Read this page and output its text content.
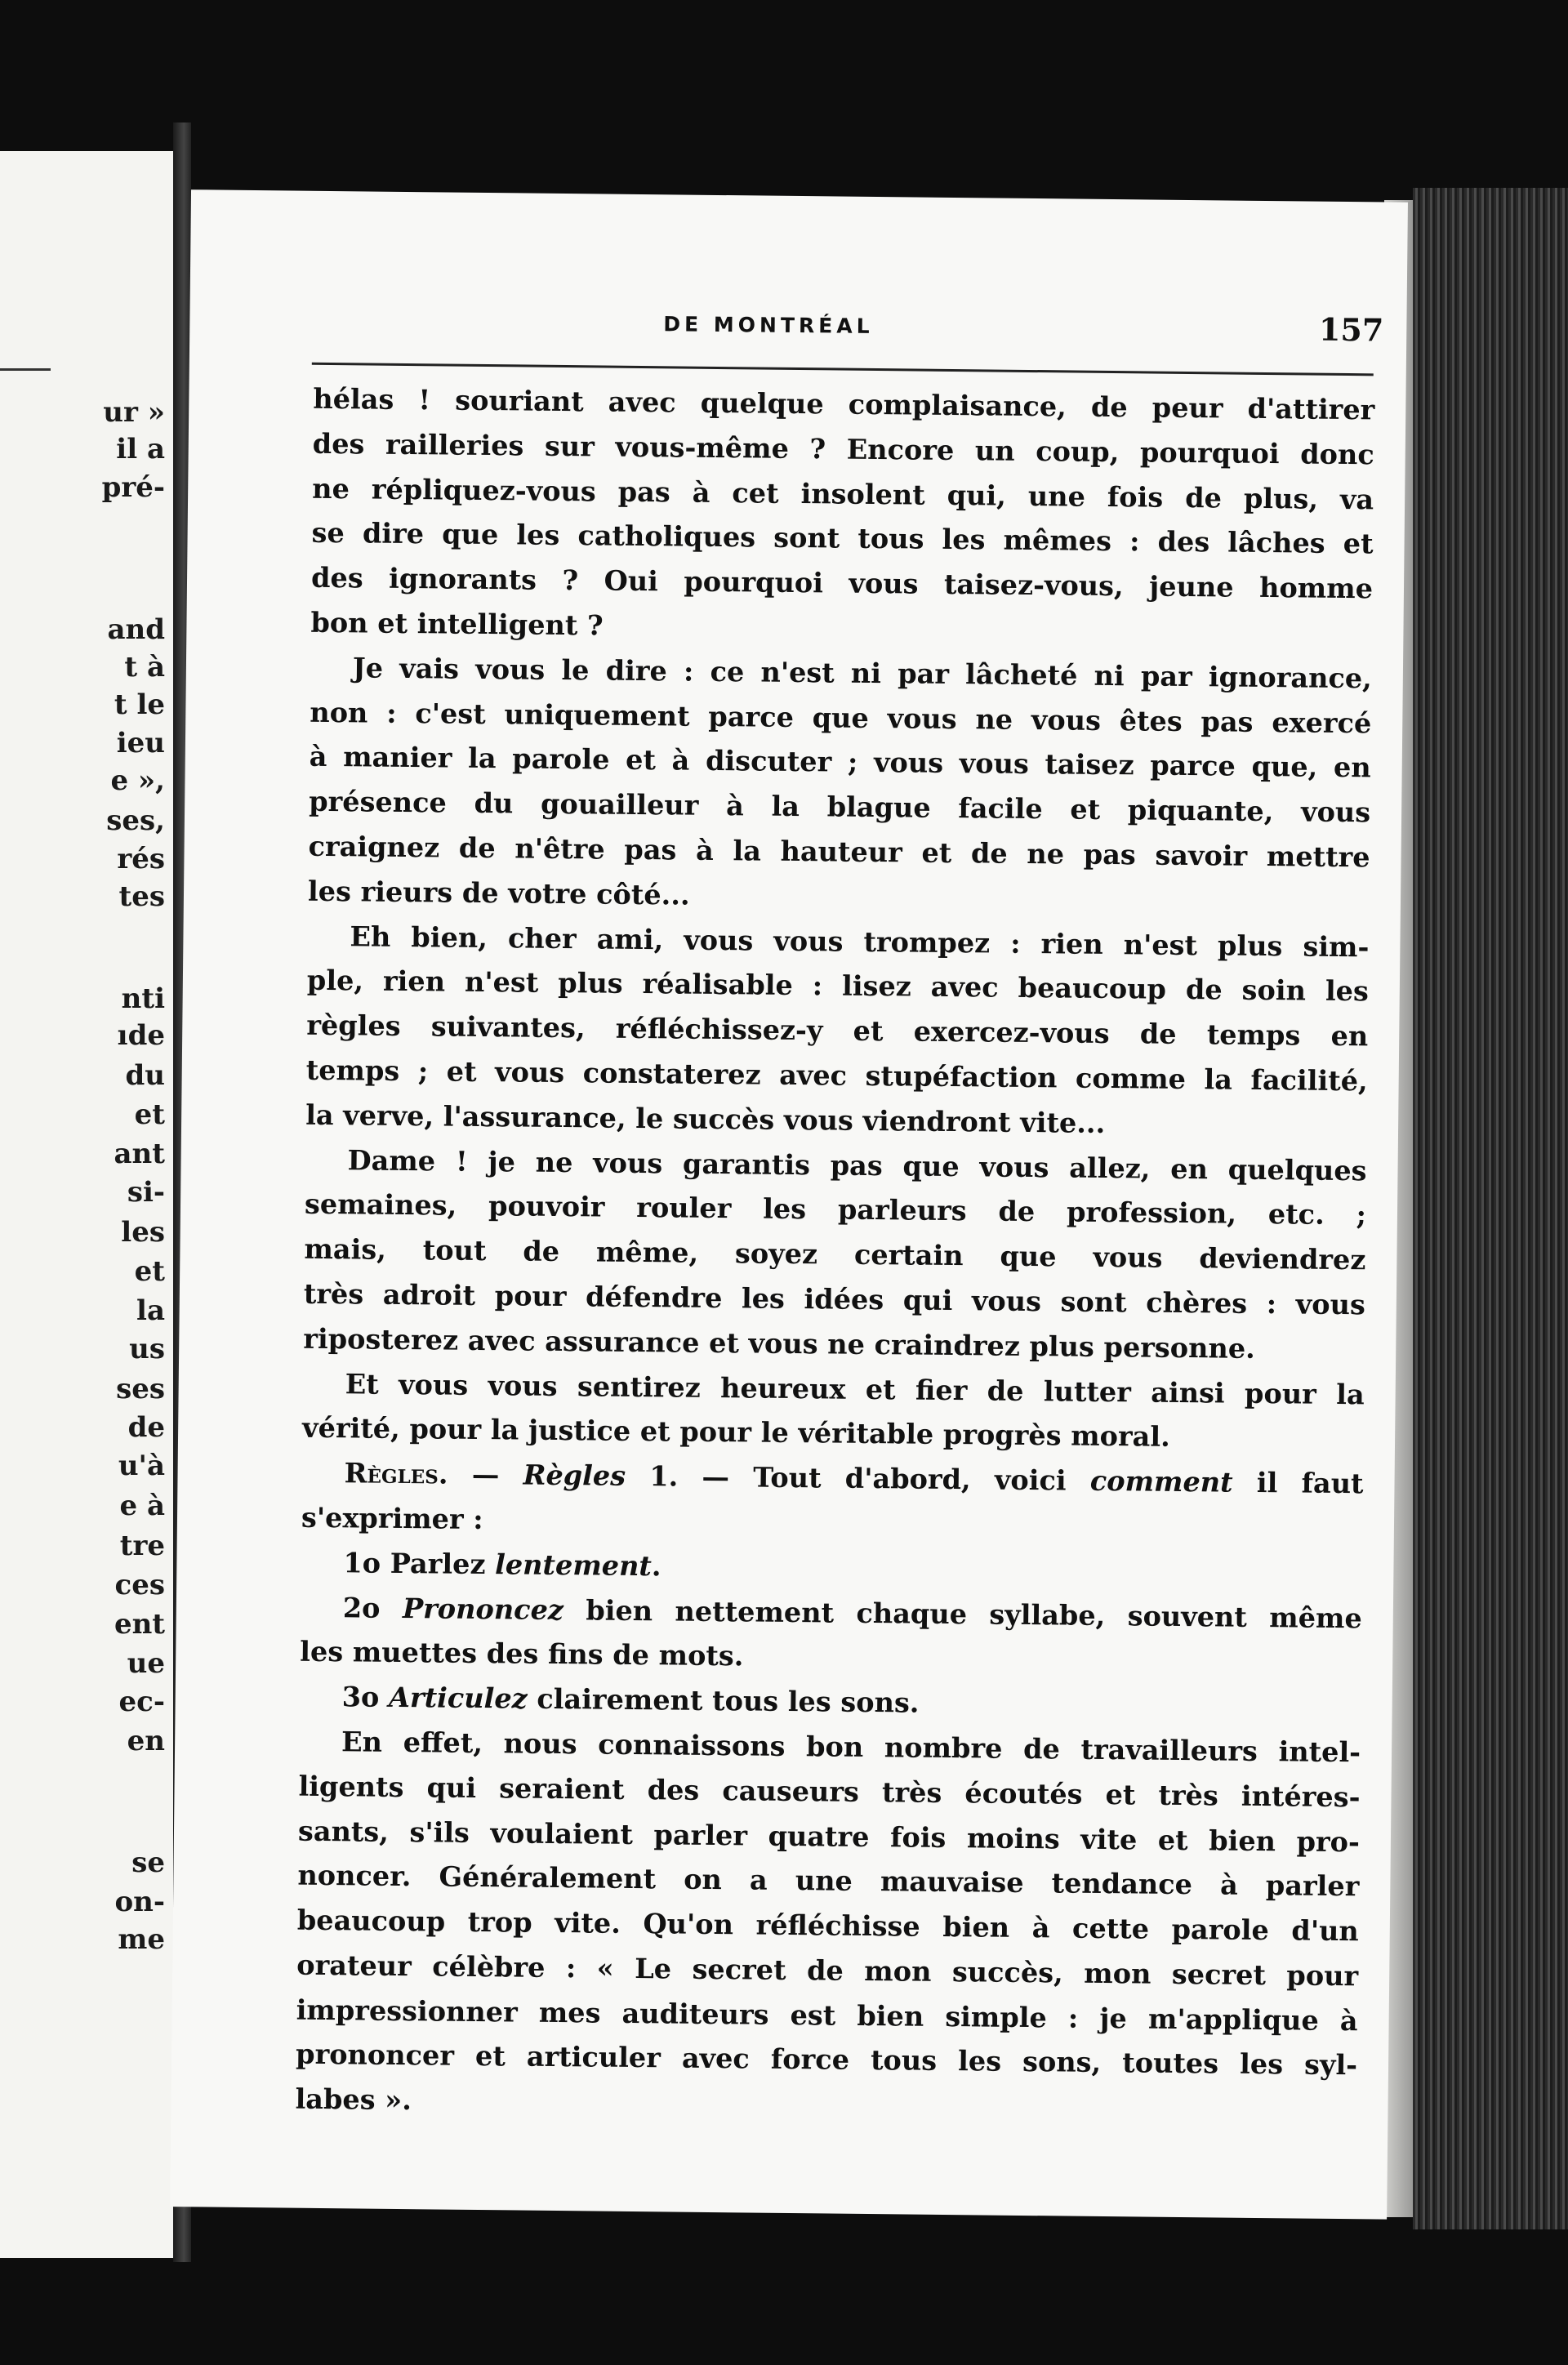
ur »

il a

pré-

and

t à

t le

ieu

e »,

ses,

rés

tes

nti

ıde

du

et

ant

si-

les

et

la

us

ses

de

u'à

e à

tre

ces

ent

ue

ec-

en

se

on-

me

DE MONTRÉAL	157

hélas ! souriant avec quelque complaisance, de peur d'attirer
des railleries sur vous-même ? Encore un coup, pourquoi donc
ne répliquez-vous pas à cet insolent qui, une fois de plus, va
se dire que les catholiques sont tous les mêmes : des lâches et
des ignorants ? Oui pourquoi vous taisez-vous, jeune homme

bon et intelligent ?

Je vais vous le dire : ce n'est ni par lâcheté ni par ignorance,
non : c'est uniquement parce que vous ne vous êtes pas exercé
à manier la parole et à discuter ; vous vous taisez parce que, en
présence du gouailleur à la blague facile et piquante, vous
craignez de n'être pas à la hauteur et de ne pas savoir mettre

les rieurs de votre côté...

Eh bien, cher ami, vous vous trompez : rien n'est plus sim-
ple, rien n'est plus réalisable : lisez avec beaucoup de soin les
règles suivantes, réfléchissez-y et exercez-vous de temps en
temps ; et vous constaterez avec stupéfaction comme la facilité,

la verve, l'assurance, le succès vous viendront vite...

Dame ! je ne vous garantis pas que vous allez, en quelques
semaines, pouvoir rouler les parleurs de profession, etc. ;
mais, tout de même, soyez certain que vous deviendrez
très adroit pour défendre les idées qui vous sont chères : vous

riposterez avec assurance et vous ne craindrez plus personne.

Et vous vous sentirez heureux et fier de lutter ainsi pour la

vérité, pour la justice et pour le véritable progrès moral.

Règles. — Règles 1. — Tout d'abord, voici comment il faut

s'exprimer :

1o Parlez lentement.

2o Prononcez bien nettement chaque syllabe, souvent même

les muettes des fins de mots.

3o Articulez clairement tous les sons.

En effet, nous connaissons bon nombre de travailleurs intel-
ligents qui seraient des causeurs très écoutés et très intéres-
sants, s'ils voulaient parler quatre fois moins vite et bien pro-
noncer. Généralement on a une mauvaise tendance à parler
beaucoup trop vite. Qu'on réfléchisse bien à cette parole d'un
orateur célèbre : « Le secret de mon succès, mon secret pour
impressionner mes auditeurs est bien simple : je m'applique à
prononcer et articuler avec force tous les sons, toutes les syl-

labes ».
